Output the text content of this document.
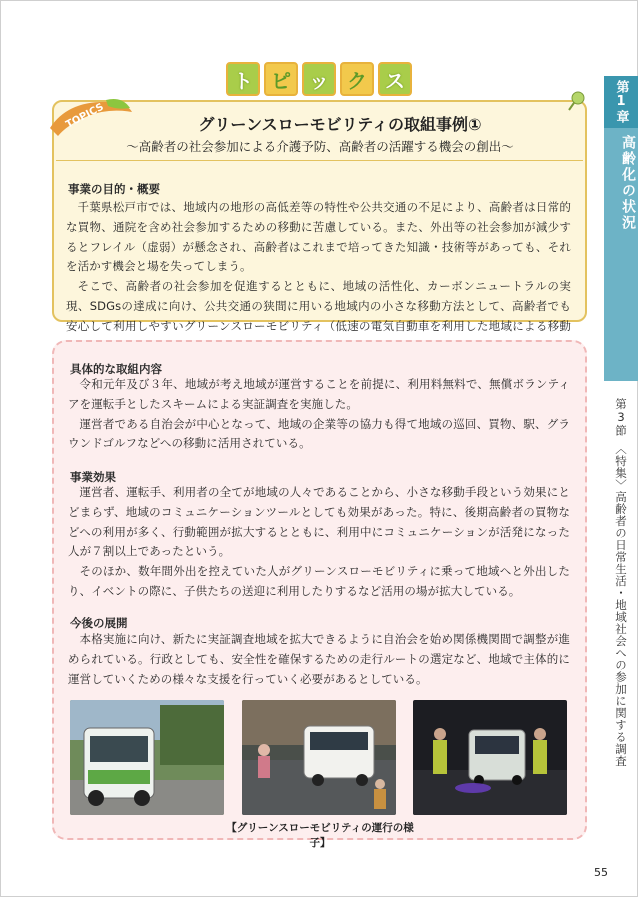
ト ピ ッ ク ス	第1章
高齢化の状況
第3節　〈特集〉高齢者の日常生活・地域社会への参加に関する調査
TOPICS	グリーンスローモビリティの取組事例①
〜高齢者の社会参加による介護予防、高齢者の活躍する機会の創出〜
事業の目的・概要

千葉県松戸市では、地域内の地形の高低差等の特性や公共交通の不足により、高齢者は日常的な買物、通院を含め社会参加するための移動に苦慮している。また、外出等の社会参加が減少するとフレイル（虚弱）が懸念され、高齢者はこれまで培ってきた知識・技術等があっても、それを活かす機会と場を失ってしまう。

そこで、高齢者の社会参加を促進するとともに、地域の活性化、カーボンニュートラルの実現、SDGsの達成に向け、公共交通の狭間に用いる地域内の小さな移動方法として、高齢者でも安心して利用しやすいグリーンスローモビリティ（低速の電気自動車を利用した地域による移動

具体的な取組内容

令和元年及び３年、地域が考え地域が運営することを前提に、利用料無料で、無償ボランティアを運転手としたスキームによる実証調査を実施した。

運営者である自治会が中心となって、地域の企業等の協力も得て地域の巡回、買物、駅、グラウンドゴルフなどへの移動に活用されている。

事業効果

運営者、運転手、利用者の全てが地域の人々であることから、小さな移動手段という効果にとどまらず、地域のコミュニケーションツールとしても効果があった。特に、後期高齢者の買物などへの利用が多く、行動範囲が拡大するとともに、利用中にコミュニケーションが活発になった人が７割以上であったという。

そのほか、数年間外出を控えていた人がグリーンスローモビリティに乗って地域へと外出したり、イベントの際に、子供たちの送迎に利用したりするなど活用の場が拡大している。

今後の展開

本格実施に向け、新たに実証調査地域を拡大できるように自治会を始め関係機関間で調整が進められている。行政としても、安全性を確保するための走行ルートの選定など、地域で主体的に運営していくための様々な支援を行っていく必要があるとしている。

【グリーンスローモビリティの運行の様子】
55
